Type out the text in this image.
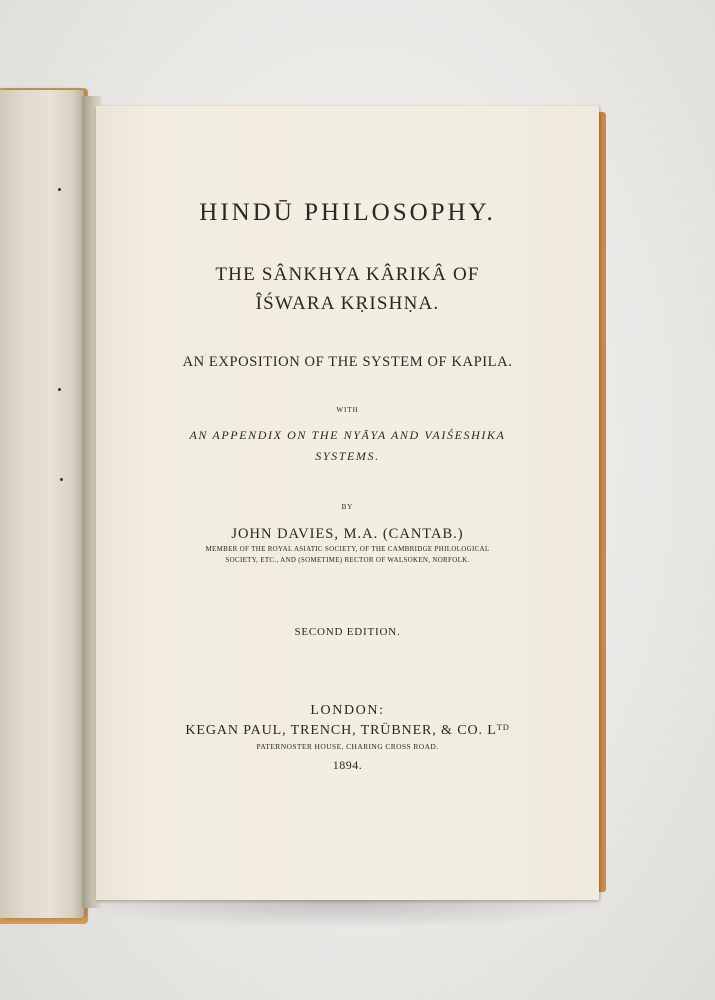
HINDŪ PHILOSOPHY.
THE SÂNKHYA KÂRIKÂ OF
ÎŚWARA KṚISHṆA.
AN EXPOSITION OF THE SYSTEM OF KAPILA.
WITH
AN APPENDIX ON THE NYĀYA AND VAIŚESHIKA
SYSTEMS.
BY
JOHN DAVIES, M.A. (CANTAB.)
MEMBER OF THE ROYAL ASIATIC SOCIETY, OF THE CAMBRIDGE PHILOLOGICAL
SOCIETY, ETC., AND (SOMETIME) RECTOR OF WALSOKEN, NORFOLK.
SECOND EDITION.
LONDON:
KEGAN PAUL, TRENCH, TRÜBNER, & CO. Lᵀᴰ
PATERNOSTER HOUSE, CHARING CROSS ROAD.
1894.
